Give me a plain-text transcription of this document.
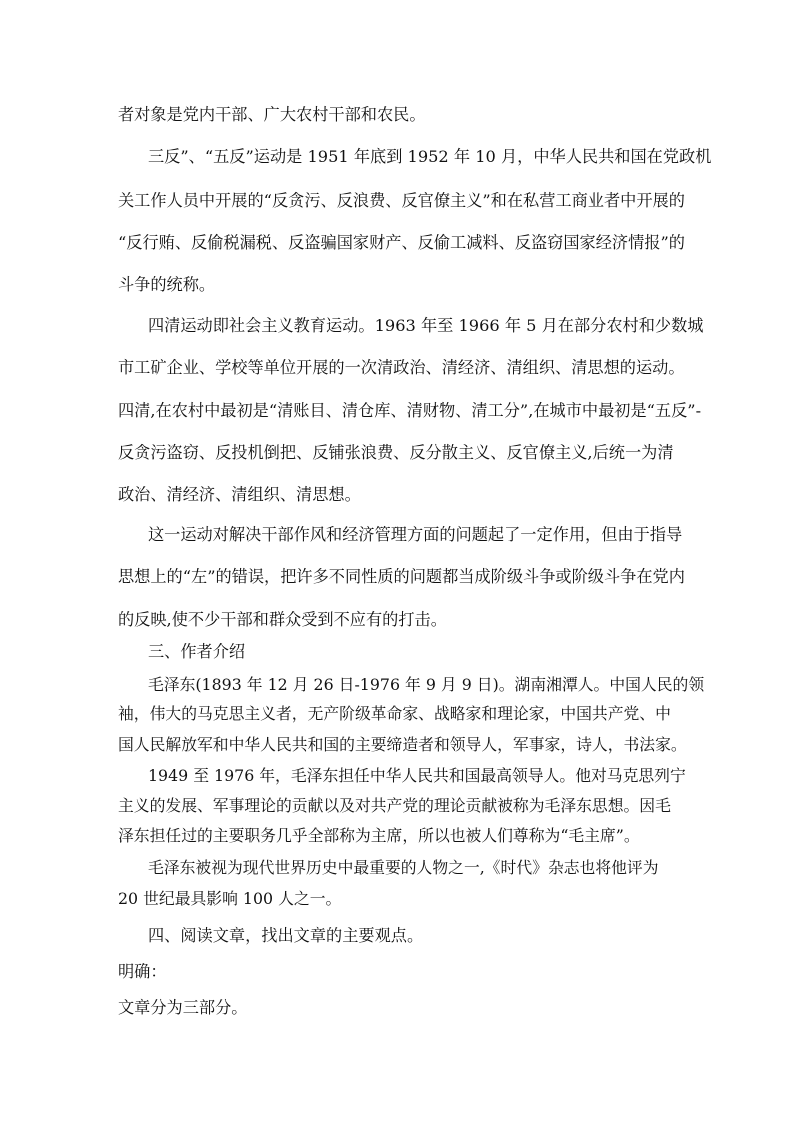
者对象是党内干部、广大农村干部和农民。
三反”、“五反”运动是 1951 年底到 1952 年 10 月，中华人民共和国在党政机
关工作人员中开展的“反贪污、反浪费、反官僚主义”和在私营工商业者中开展的
“反行贿、反偷税漏税、反盗骗国家财产、反偷工减料、反盗窃国家经济情报”的
斗争的统称。
四清运动即社会主义教育运动。1963 年至 1966 年 5 月在部分农村和少数城
市工矿企业、学校等单位开展的一次清政治、清经济、清组织、清思想的运动。
四清,在农村中最初是“清账目、清仓库、清财物、清工分”,在城市中最初是“五反”-
反贪污盗窃、反投机倒把、反铺张浪费、反分散主义、反官僚主义,后统一为清
政治、清经济、清组织、清思想。
这一运动对解决干部作风和经济管理方面的问题起了一定作用，但由于指导
思想上的“左”的错误，把许多不同性质的问题都当成阶级斗争或阶级斗争在党内
的反映,使不少干部和群众受到不应有的打击。
三、作者介绍
毛泽东(1893 年 12 月 26 日-1976 年 9 月 9 日)。湖南湘潭人。中国人民的领
袖，伟大的马克思主义者，无产阶级革命家、战略家和理论家，中国共产党、中
国人民解放军和中华人民共和国的主要缔造者和领导人，军事家，诗人，书法家。
1949 至 1976 年，毛泽东担任中华人民共和国最高领导人。他对马克思列宁
主义的发展、军事理论的贡献以及对共产党的理论贡献被称为毛泽东思想。因毛
泽东担任过的主要职务几乎全部称为主席，所以也被人们尊称为“毛主席”。
毛泽东被视为现代世界历史中最重要的人物之一,《时代》杂志也将他评为
20 世纪最具影响 100 人之一。
四、阅读文章，找出文章的主要观点。
明确：
文章分为三部分。
